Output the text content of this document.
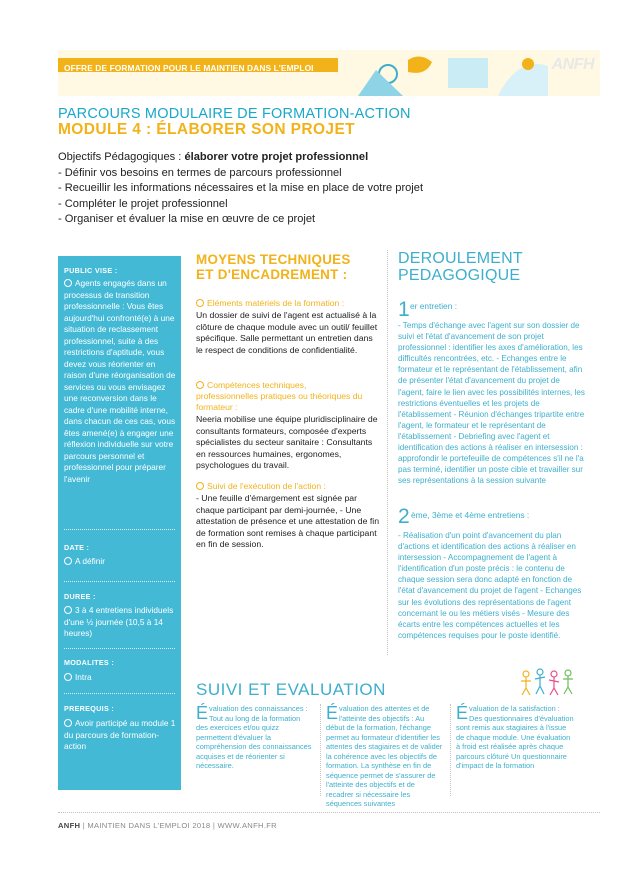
OFFRE DE FORMATION POUR LE MAINTIEN DANS L'EMPLOI	ANFH
PARCOURS MODULAIRE DE FORMATION-ACTION
MODULE 4 : ÉLABORER SON PROJET
Objectifs Pédagogiques : élaborer votre projet professionnel
- Définir vos besoins en termes de parcours professionnel
- Recueillir les informations nécessaires et la mise en place de votre projet
- Compléter le projet professionnel
- Organiser et évaluer la mise en œuvre de ce projet
PUBLIC VISE :
Agents engagés dans un processus de transition professionnelle : Vous êtes aujourd'hui confronté(e) à une situation de reclassement professionnel, suite à des restrictions d'aptitude, vous devez vous réorienter en raison d'une réorganisation de services ou vous envisagez une reconversion dans le cadre d'une mobilité interne, dans chacun de ces cas, vous êtes amené(e) à engager une réflexion individuelle sur votre parcours personnel et professionnel pour préparer l'avenir
DATE :
A définir
DUREE :
3 à 4 entretiens individuels d'une ½ journée (10,5 à 14 heures)
MODALITES :
Intra
PREREQUIS :
Avoir participé au module 1 du parcours de formation-action
MOYENS TECHNIQUES
ET D'ENCADREMENT :
Eléments matériels de la formation :
Un dossier de suivi de l'agent est actualisé à la clôture de chaque module avec un outil/ feuillet spécifique. Salle permettant un entretien dans le respect de conditions de confidentialité.
Compétences techniques, professionnelles pratiques ou théoriques du formateur :
Neeria mobilise une équipe pluridisciplinaire de consultants formateurs, composée d'experts spécialistes du secteur sanitaire : Consultants en ressources humaines, ergonomes, psychologues du travail.
Suivi de l'exécution de l'action :
- Une feuille d'émargement est signée par chaque participant par demi-journée, - Une attestation de présence et une attestation de fin de formation sont remises à chaque participant en fin de session.
DEROULEMENT
PEDAGOGIQUE
1 er entretien :
- Temps d'échange avec l'agent sur son dossier de suivi et l'état d'avancement de son projet professionnel : identifier les axes d'amélioration, les difficultés rencontrées, etc. - Echanges entre le formateur et le représentant de l'établissement, afin de présenter l'état d'avancement du projet de l'agent, faire le lien avec les possibilités internes, les restrictions éventuelles et les projets de l'établissement - Réunion d'échanges tripartite entre l'agent, le formateur et le représentant de l'établissement - Debriefing avec l'agent et identification des actions à réaliser en intersession : approfondir le portefeuille de compétences s'il ne l'a pas terminé, identifier un poste cible et travailler sur ses représentations à la session suivante
2 ème, 3ème et 4ème entretiens :
- Réalisation d'un point d'avancement du plan d'actions et identification des actions à réaliser en intersession - Accompagnement de l'agent à l'identification d'un poste précis : le contenu de chaque session sera donc adapté en fonction de l'état d'avancement du projet de l'agent - Echanges sur les évolutions des représentations de l'agent concernant le ou les métiers visés - Mesure des écarts entre les compétences actuelles et les compétences requises pour le poste identifié.
SUIVI ET EVALUATION
Évaluation des connaissances : Tout au long de la formation des exercices et/ou quizz permettent d'évaluer la compréhension des connaissances acquises et de réorienter si nécessaire.
Évaluation des attentes et de l'atteinte des objectifs : Au début de la formation, l'échange permet au formateur d'identifier les attentes des stagiaires et de valider la cohérence avec les objectifs de formation. La synthèse en fin de séquence permet de s'assurer de l'atteinte des objectifs et de recadrer si nécessaire les séquences suivantes
Évaluation de la satisfaction : Des questionnaires d'évaluation sont remis aux stagiaires à l'issue de chaque module. Une évaluation à froid est réalisée après chaque parcours clôturé Un questionnaire d'impact de la formation
ANFH | MAINTIEN DANS L'EMPLOI 2018 | WWW.ANFH.FR
